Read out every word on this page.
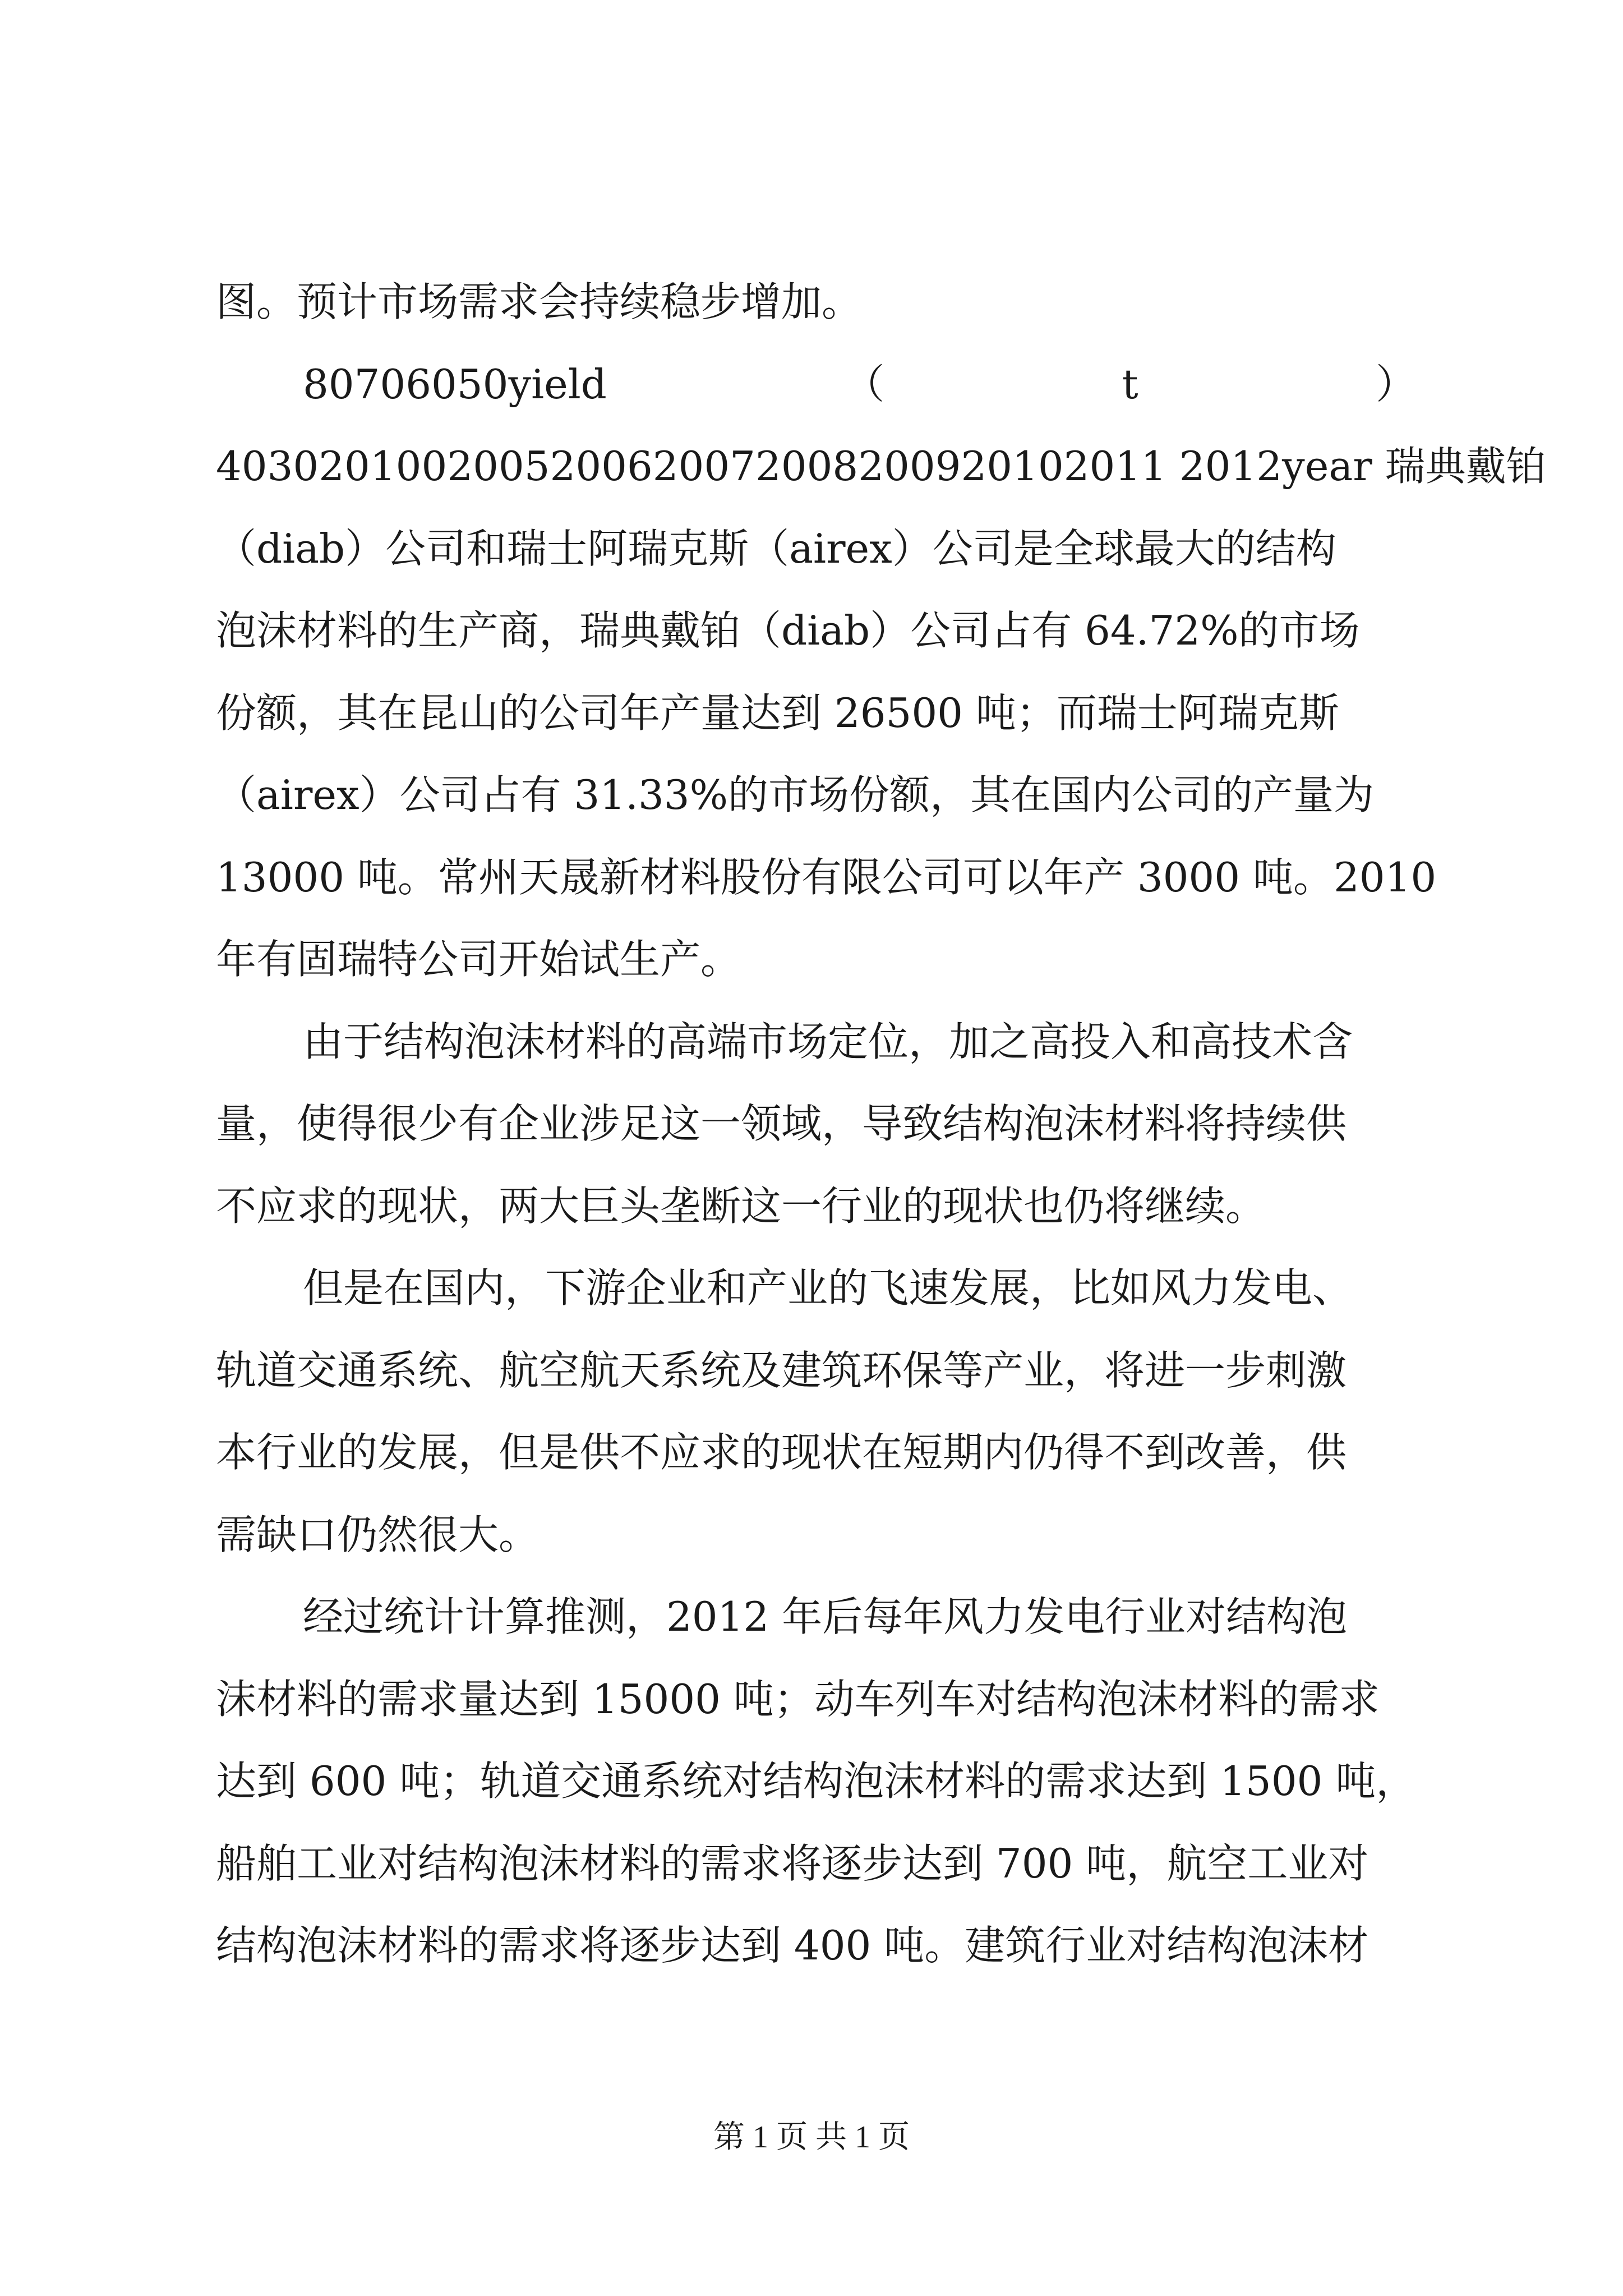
图。预计市场需求会持续稳步增加。
80706050yield	（	t	）
4030201002005200620072008200920102011 2012year 瑞典戴铂
（diab）公司和瑞士阿瑞克斯（airex）公司是全球最大的结构
泡沫材料的生产商，瑞典戴铂（diab）公司占有 64.72%的市场
份额，其在昆山的公司年产量达到 26500 吨；而瑞士阿瑞克斯
（airex）公司占有 31.33%的市场份额，其在国内公司的产量为
13000 吨。常州天晟新材料股份有限公司可以年产 3000 吨。2010
年有固瑞特公司开始试生产。
由于结构泡沫材料的高端市场定位，加之高投入和高技术含
量，使得很少有企业涉足这一领域，导致结构泡沫材料将持续供
不应求的现状，两大巨头垄断这一行业的现状也仍将继续。
但是在国内，下游企业和产业的飞速发展，比如风力发电、
轨道交通系统、航空航天系统及建筑环保等产业，将进一步刺激
本行业的发展，但是供不应求的现状在短期内仍得不到改善，供
需缺口仍然很大。
经过统计计算推测，2012 年后每年风力发电行业对结构泡
沫材料的需求量达到 15000 吨；动车列车对结构泡沫材料的需求
达到 600 吨；轨道交通系统对结构泡沫材料的需求达到 1500 吨，
船舶工业对结构泡沫材料的需求将逐步达到 700 吨，航空工业对
结构泡沫材料的需求将逐步达到 400 吨。建筑行业对结构泡沫材
第 1 页 共 1 页
